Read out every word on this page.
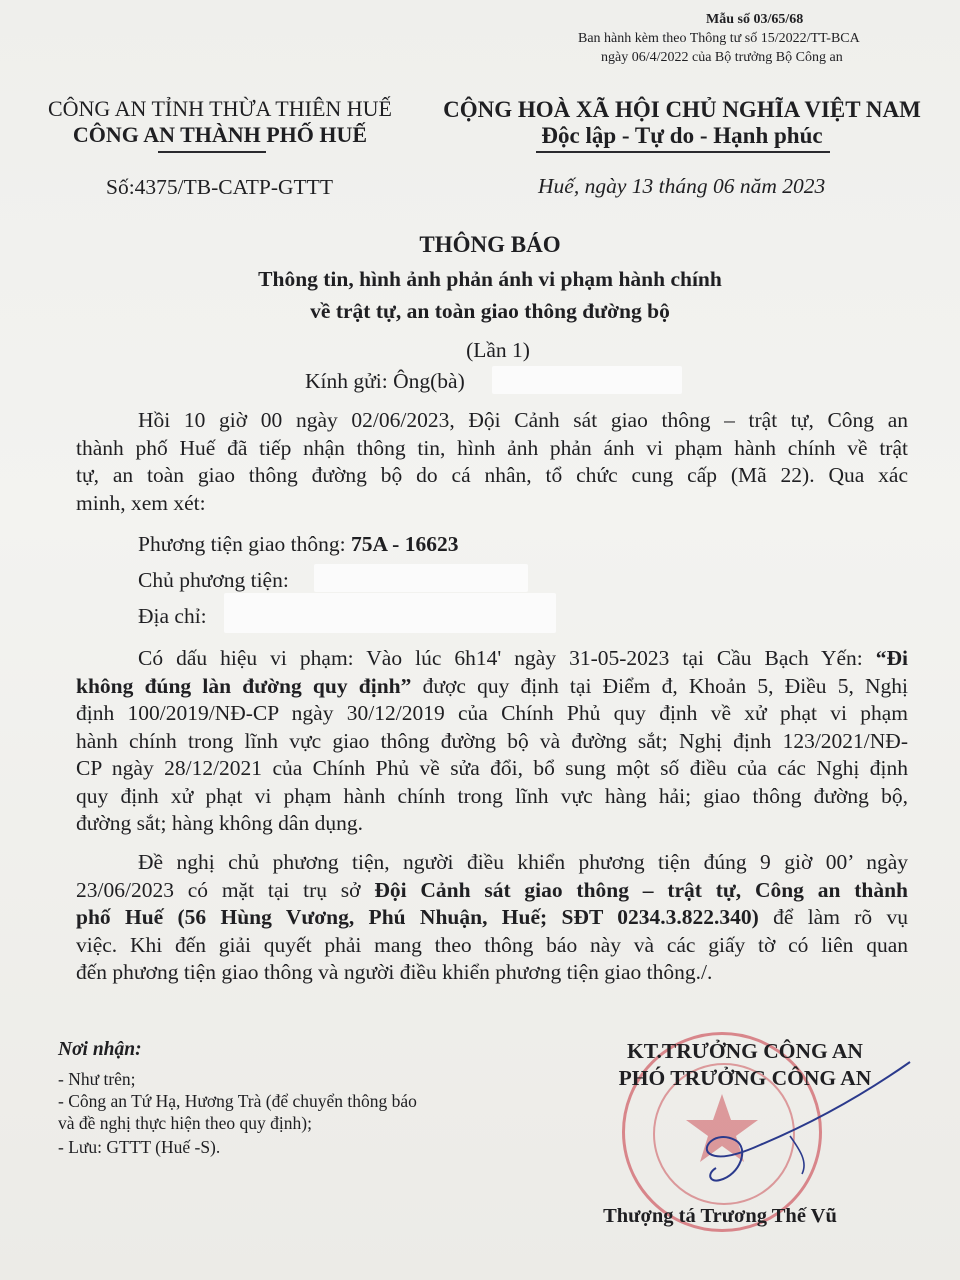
Mẫu số 03/65/68
Ban hành kèm theo Thông tư số 15/2022/TT-BCA
ngày 06/4/2022 của Bộ trưởng Bộ Công an
CÔNG AN TỈNH THỪA THIÊN HUẾ
CÔNG AN THÀNH PHỐ HUẾ
Số:4375/TB-CATP-GTTT
CỘNG HOÀ XÃ HỘI CHỦ NGHĨA VIỆT NAM
Độc lập - Tự do - Hạnh phúc
Huế, ngày 13 tháng 06 năm 2023
THÔNG BÁO
Thông tin, hình ảnh phản ánh vi phạm hành chính
về trật tự, an toàn giao thông đường bộ
(Lần 1)
Kính gửi: Ông(bà)
Hồi 10 giờ 00 ngày 02/06/2023, Đội Cảnh sát giao thông – trật tự, Công an
thành phố Huế đã tiếp nhận thông tin, hình ảnh phản ánh vi phạm hành chính về trật
tự, an toàn giao thông đường bộ do cá nhân, tổ chức cung cấp (Mã 22). Qua xác
minh, xem xét:
Phương tiện giao thông: 75A - 16623
Chủ phương tiện:
Địa chỉ:
Có dấu hiệu vi phạm: Vào lúc 6h14' ngày 31-05-2023 tại Cầu Bạch Yến: “Đi
không đúng làn đường quy định” được quy định tại Điểm đ, Khoản 5, Điều 5, Nghị
định 100/2019/NĐ-CP ngày 30/12/2019 của Chính Phủ quy định về xử phạt vi phạm
hành chính trong lĩnh vực giao thông đường bộ và đường sắt; Nghị định 123/2021/NĐ-
CP ngày 28/12/2021 của Chính Phủ về sửa đổi, bổ sung một số điều của các Nghị định
quy định xử phạt vi phạm hành chính trong lĩnh vực hàng hải; giao thông đường bộ,
đường sắt; hàng không dân dụng.
Đề nghị chủ phương tiện, người điều khiển phương tiện đúng 9 giờ 00’ ngày
23/06/2023 có mặt tại trụ sở Đội Cảnh sát giao thông – trật tự, Công an thành
phố Huế (56 Hùng Vương, Phú Nhuận, Huế; SĐT 0234.3.822.340) để làm rõ vụ
việc. Khi đến giải quyết phải mang theo thông báo này và các giấy tờ có liên quan
đến phương tiện giao thông và người điều khiển phương tiện giao thông./.
Nơi nhận:
- Như trên;
- Công an Tứ Hạ, Hương Trà (để chuyển thông báo
và đề nghị thực hiện theo quy định);
- Lưu: GTTT (Huế -S).
KT.TRƯỞNG CÔNG AN
PHÓ TRƯỞNG CÔNG AN
Thượng tá Trương Thế Vũ
